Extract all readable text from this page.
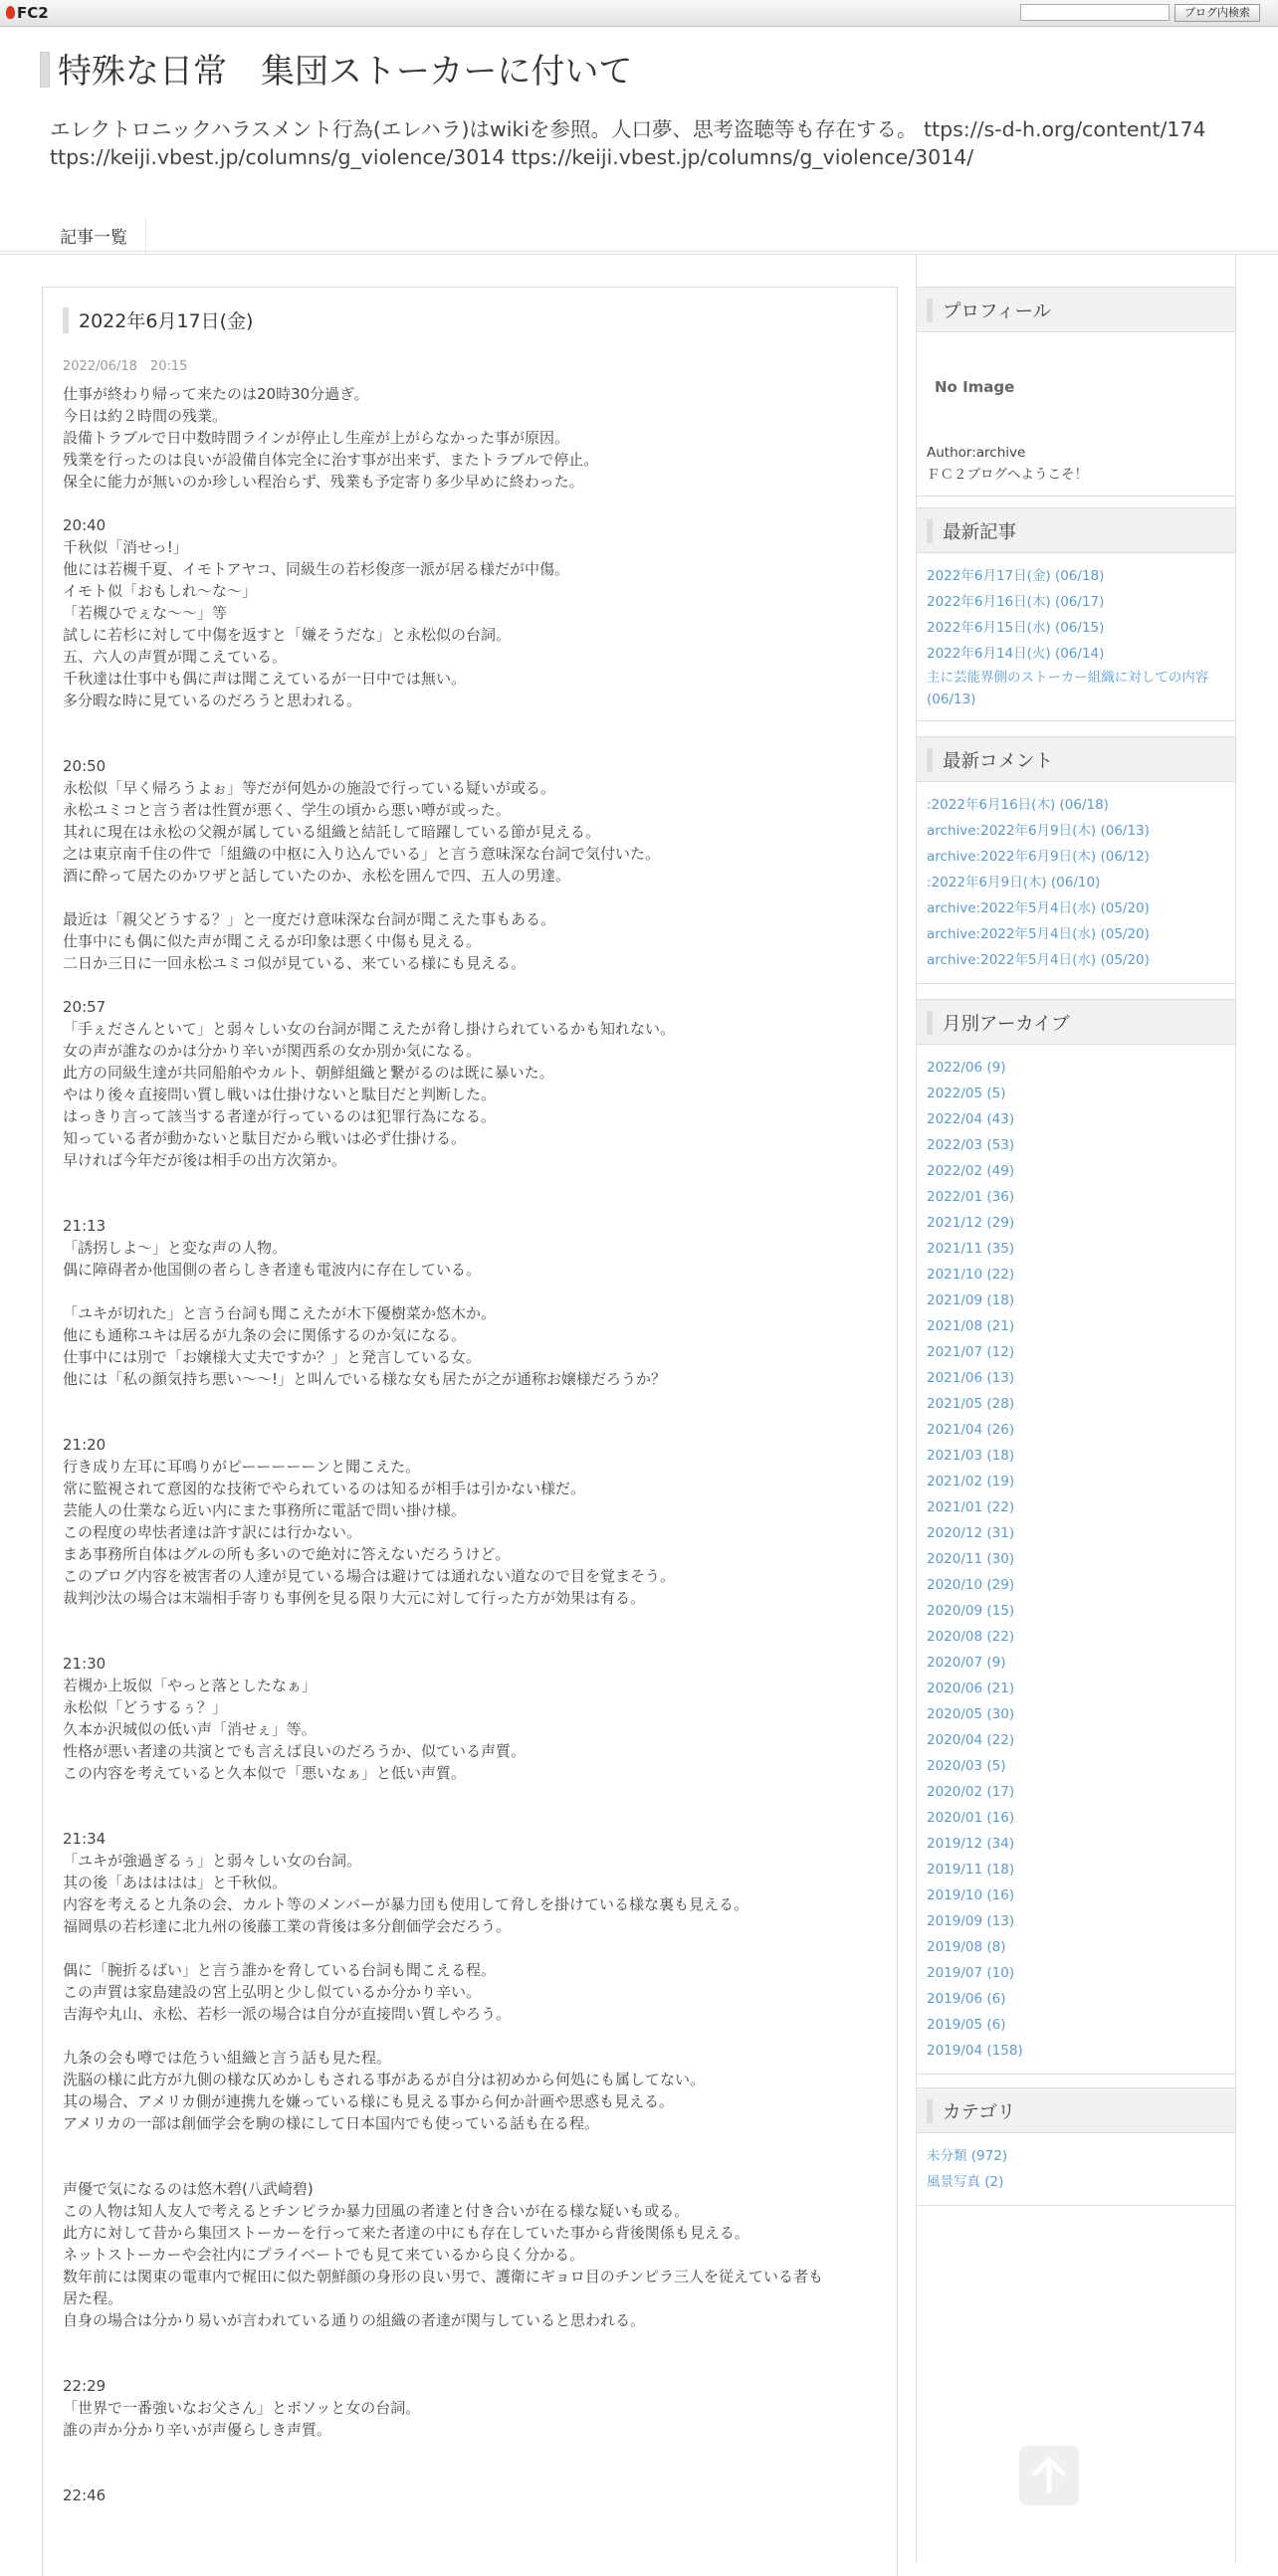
FC2	ブログ内検索
特殊な日常　集団ストーカーに付いて
エレクトロニックハラスメント行為(エレハラ)はwikiを参照。人口夢、思考盗聴等も存在する。 ttps://s-d-h.org/content/174
ttps://keiji.vbest.jp/columns/g_violence/3014 ttps://keiji.vbest.jp/columns/g_violence/3014/
記事一覧
2022年6月17日(金)
2022/06/18　20:15
仕事が終わり帰って来たのは20時30分過ぎ。
今日は約２時間の残業。
設備トラブルで日中数時間ラインが停止し生産が上がらなかった事が原因。
残業を行ったのは良いが設備自体完全に治す事が出来ず、またトラブルで停止。
保全に能力が無いのか珍しい程治らず、残業も予定寄り多少早めに終わった。
20:40
千秋似「消せっ!」
他には若槻千夏、イモトアヤコ、同級生の若杉俊彦一派が居る様だが中傷。
イモト似「おもしれ～な～」
「若槻ひでぇな～～」等
試しに若杉に対して中傷を返すと「嫌そうだな」と永松似の台詞。
五、六人の声質が聞こえている。
千秋達は仕事中も偶に声は聞こえているが一日中では無い。
多分暇な時に見ているのだろうと思われる。
20:50
永松似「早く帰ろうよぉ」等だが何処かの施設で行っている疑いが或る。
永松ユミコと言う者は性質が悪く、学生の頃から悪い噂が或った。
其れに現在は永松の父親が属している組織と結託して暗躍している節が見える。
之は東京南千住の件で「組織の中枢に入り込んでいる」と言う意味深な台詞で気付いた。
酒に酔って居たのかワザと話していたのか、永松を囲んで四、五人の男達。
最近は「親父どうする？」と一度だけ意味深な台詞が聞こえた事もある。
仕事中にも偶に似た声が聞こえるが印象は悪く中傷も見える。
二日か三日に一回永松ユミコ似が見ている、来ている様にも見える。
20:57
「手ぇださんといて」と弱々しい女の台詞が聞こえたが脅し掛けられているかも知れない。
女の声が誰なのかは分かり辛いが関西系の女か別か気になる。
此方の同級生達が共同船舶やカルト、朝鮮組織と繋がるのは既に暴いた。
やはり後々直接問い質し戦いは仕掛けないと駄目だと判断した。
はっきり言って該当する者達が行っているのは犯罪行為になる。
知っている者が動かないと駄目だから戦いは必ず仕掛ける。
早ければ今年だが後は相手の出方次第か。
21:13
「誘拐しよ～」と変な声の人物。
偶に障碍者か他国側の者らしき者達も電波内に存在している。
「ユキが切れた」と言う台詞も聞こえたが木下優樹菜か悠木か。
他にも通称ユキは居るが九条の会に関係するのか気になる。
仕事中には別で「お嬢様大丈夫ですか？」と発言している女。
他には「私の顔気持ち悪い～～!」と叫んでいる様な女も居たが之が通称お嬢様だろうか？
21:20
行き成り左耳に耳鳴りがピーーーーーンと聞こえた。
常に監視されて意図的な技術でやられているのは知るが相手は引かない様だ。
芸能人の仕業なら近い内にまた事務所に電話で問い掛け様。
この程度の卑怯者達は許す訳には行かない。
まあ事務所自体はグルの所も多いので絶対に答えないだろうけど。
このブログ内容を被害者の人達が見ている場合は避けては通れない道なので目を覚まそう。
裁判沙汰の場合は末端相手寄りも事例を見る限り大元に対して行った方が効果は有る。
21:30
若槻か上坂似「やっと落としたなぁ」
永松似「どうするぅ？」
久本か沢城似の低い声「消せぇ」等。
性格が悪い者達の共演とでも言えば良いのだろうか、似ている声質。
この内容を考えていると久本似で「悪いなぁ」と低い声質。
21:34
「ユキが強過ぎるぅ」と弱々しい女の台詞。
其の後「あはははは」と千秋似。
内容を考えると九条の会、カルト等のメンバーが暴力団も使用して脅しを掛けている様な裏も見える。
福岡県の若杉達に北九州の後藤工業の背後は多分創価学会だろう。
偶に「腕折るばい」と言う誰かを脅している台詞も聞こえる程。
この声質は家島建設の宮上弘明と少し似ているか分かり辛い。
吉海や丸山、永松、若杉一派の場合は自分が直接問い質しやろう。
九条の会も噂では危うい組織と言う話も見た程。
洗脳の様に此方が九側の様な仄めかしもされる事があるが自分は初めから何処にも属してない。
其の場合、アメリカ側が連携九を嫌っている様にも見える事から何か計画や思惑も見える。
アメリカの一部は創価学会を駒の様にして日本国内でも使っている話も在る程。
声優で気になるのは悠木碧(八武崎碧)
この人物は知人友人で考えるとチンピラか暴力団風の者達と付き合いが在る様な疑いも或る。
此方に対して昔から集団ストーカーを行って来た者達の中にも存在していた事から背後関係も見える。
ネットストーカーや会社内にプライベートでも見て来ているから良く分かる。
数年前には関東の電車内で梶田に似た朝鮮顔の身形の良い男で、護衛にギョロ目のチンピラ三人を従えている者も
居た程。
自身の場合は分かり易いが言われている通りの組織の者達が関与していると思われる。
22:29
「世界で一番強いなお父さん」とボソッと女の台詞。
誰の声か分かり辛いが声優らしき声質。
22:46
プロフィール
No Image
Author:archive
ＦＣ２ブログへようこそ！
最新記事
2022年6月17日(金) (06/18)
2022年6月16日(木) (06/17)
2022年6月15日(水) (06/15)
2022年6月14日(火) (06/14)
主に芸能界側のストーカー組織に対しての内容 (06/13)
最新コメント
:2022年6月16日(木) (06/18)
archive:2022年6月9日(木) (06/13)
archive:2022年6月9日(木) (06/12)
:2022年6月9日(木) (06/10)
archive:2022年5月4日(水) (05/20)
archive:2022年5月4日(水) (05/20)
archive:2022年5月4日(水) (05/20)
月別アーカイブ
2022/06 (9)
2022/05 (5)
2022/04 (43)
2022/03 (53)
2022/02 (49)
2022/01 (36)
2021/12 (29)
2021/11 (35)
2021/10 (22)
2021/09 (18)
2021/08 (21)
2021/07 (12)
2021/06 (13)
2021/05 (28)
2021/04 (26)
2021/03 (18)
2021/02 (19)
2021/01 (22)
2020/12 (31)
2020/11 (30)
2020/10 (29)
2020/09 (15)
2020/08 (22)
2020/07 (9)
2020/06 (21)
2020/05 (30)
2020/04 (22)
2020/03 (5)
2020/02 (17)
2020/01 (16)
2019/12 (34)
2019/11 (18)
2019/10 (16)
2019/09 (13)
2019/08 (8)
2019/07 (10)
2019/06 (6)
2019/05 (6)
2019/04 (158)
カテゴリ
未分類 (972)
風景写真 (2)
